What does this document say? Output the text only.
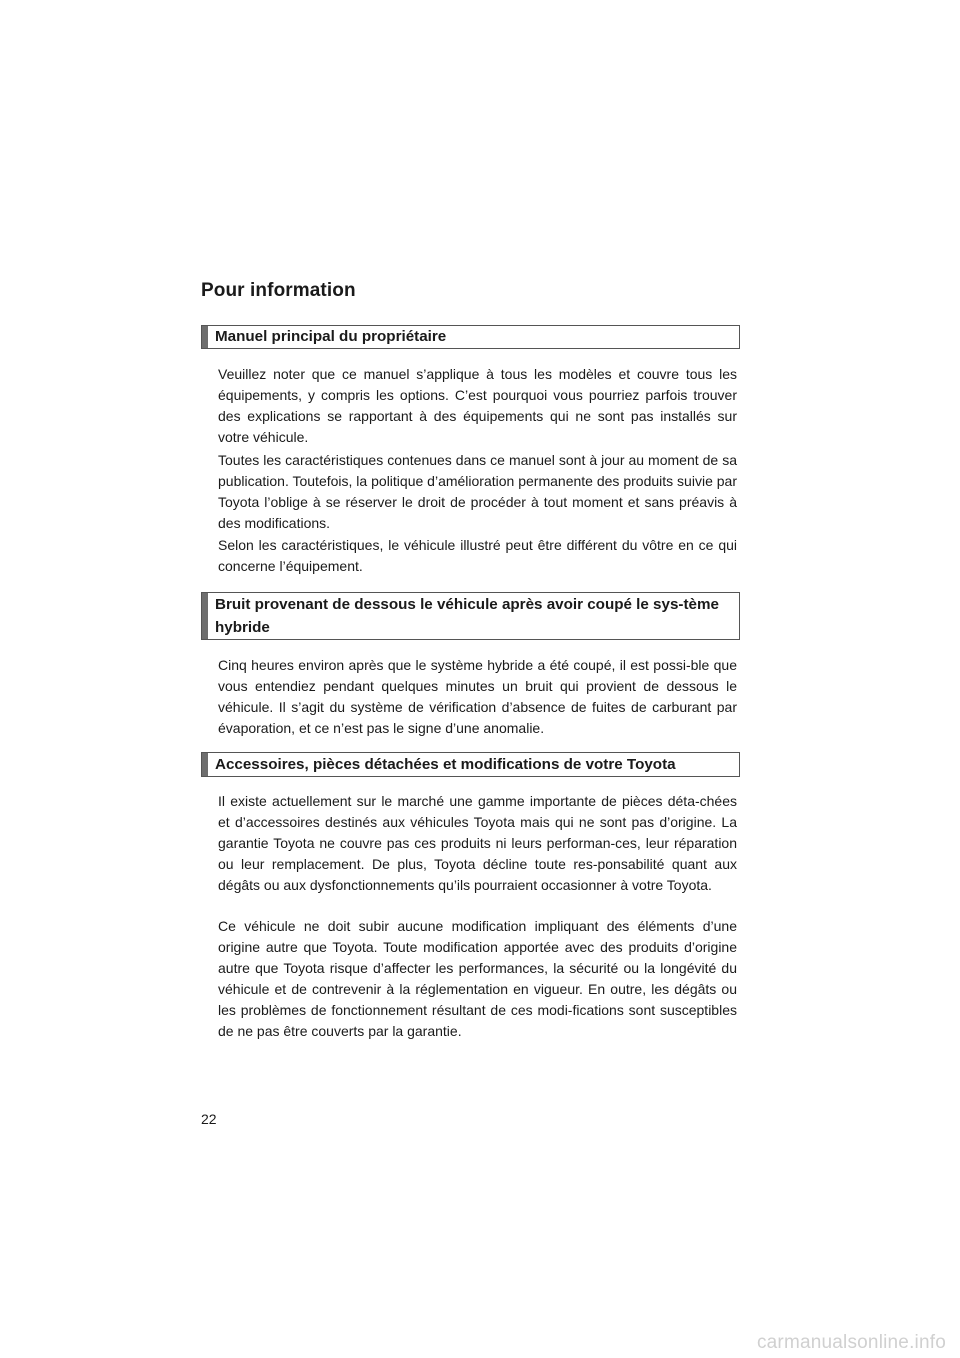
Pour information
Manuel principal du propriétaire

Veuillez noter que ce manuel s’applique à tous les modèles et couvre tous les équipements, y compris les options. C’est pourquoi vous pourriez parfois trouver des explications se rapportant à des équipements qui ne sont pas installés sur votre véhicule.

Toutes les caractéristiques contenues dans ce manuel sont à jour au moment de sa publication. Toutefois, la politique d’amélioration permanente des produits suivie par Toyota l’oblige à se réserver le droit de procéder à tout moment et sans préavis à des modifications.

Selon les caractéristiques, le véhicule illustré peut être différent du vôtre en ce qui concerne l’équipement.

Bruit provenant de dessous le véhicule après avoir coupé le sys-tème hybride

Cinq heures environ après que le système hybride a été coupé, il est possi-ble que vous entendiez pendant quelques minutes un bruit qui provient de dessous le véhicule. Il s’agit du système de vérification d’absence de fuites de carburant par évaporation, et ce n’est pas le signe d’une anomalie.

Accessoires, pièces détachées et modifications de votre Toyota

Il existe actuellement sur le marché une gamme importante de pièces déta-chées et d’accessoires destinés aux véhicules Toyota mais qui ne sont pas d’origine. La garantie Toyota ne couvre pas ces produits ni leurs performan-ces, leur réparation ou leur remplacement. De plus, Toyota décline toute res-ponsabilité quant aux dégâts ou aux dysfonctionnements qu’ils pourraient occasionner à votre Toyota.

Ce véhicule ne doit subir aucune modification impliquant des éléments d’une origine autre que Toyota. Toute modification apportée avec des produits d’origine autre que Toyota risque d’affecter les performances, la sécurité ou la longévité du véhicule et de contrevenir à la réglementation en vigueur. En outre, les dégâts ou les problèmes de fonctionnement résultant de ces modi-fications sont susceptibles de ne pas être couverts par la garantie.

22
carmanualsonline.info
